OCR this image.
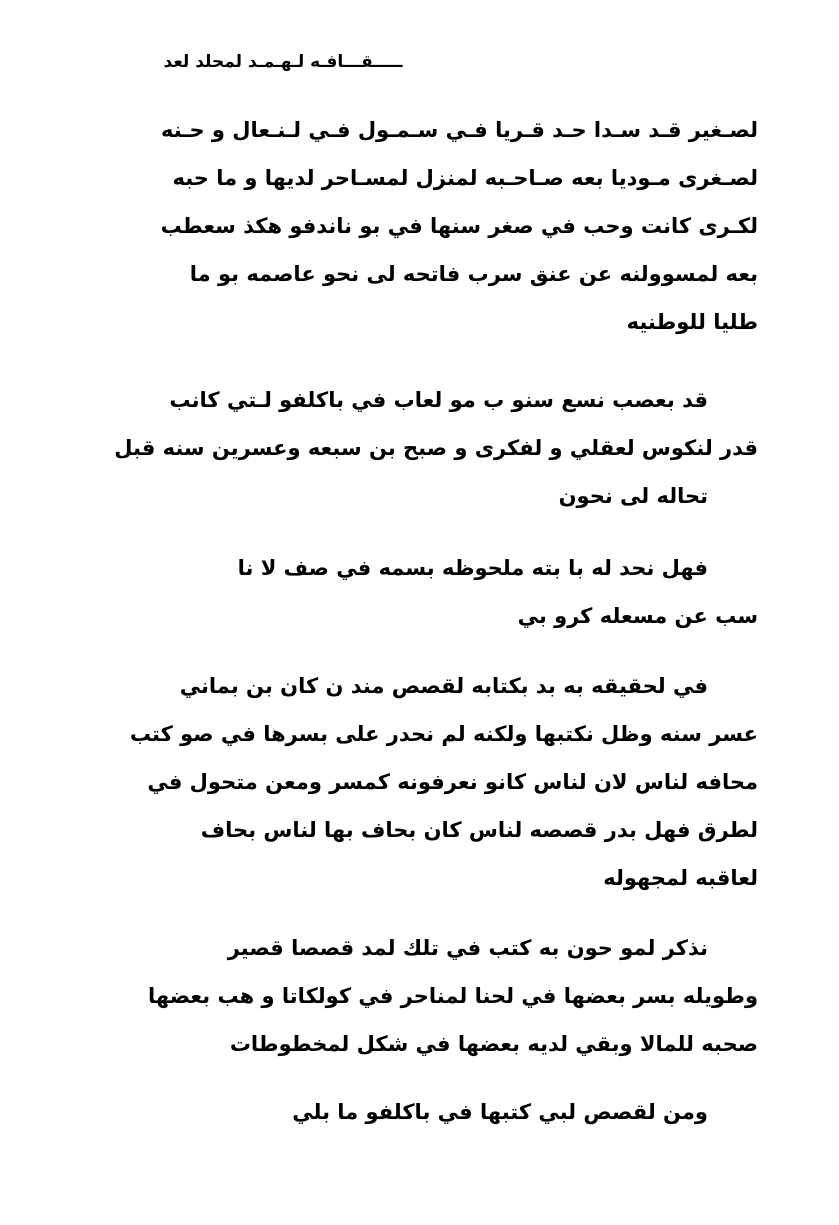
ـــــقـــافـه لـهـمـد لمحلد لعد
لصـغير قـد سـدا حـد قـريا فـي سـمـول فـي لـنـعال و حـنه
لصـغرى مـوديا بعه صـاحـبه لمنزل لمسـاحر لديها و ما حبه
لكـرى كانت وحب في صغر سنها في بو ناندفو هكذ سعطب
بعه لمسوولنه عن عنق سرب فاتحه لى نحو عاصمه بو ما
طليا للوطنيه
قد بعصب نسع سنو ب مو لعاب في باكلفو لـتي كانب
قدر لنكوس لعقلي و لفكرى و صبح بن سبعه وعسرين سنه قبل
تحاله لى نحون
فهل نحد له با بته ملحوظه بسمه في صف لا نا
سب عن مسعله كرو بي
في لحقيقه به بد بكتابه لقصص مند ن كان بن بماني
عسر سنه وظل نكتبها ولكنه لم نحدر على بسرها في صو كتب
محافه لناس لان لناس كانو نعرفونه كمسر ومعن متحول في
لطرق فهل بدر قصصه لناس كان بحاف بها لناس بحاف
لعاقبه لمجهوله
نذكر لمو حون به كتب في تلك لمد قصصا قصير
وطويله بسر بعضها في لحنا لمناحر في كولكاتا و هب بعضها
صحبه للمالا وبقي لديه بعضها في شكل لمخطوطات
ومن لقصص لبي كتبها في باكلفو ما بلي
